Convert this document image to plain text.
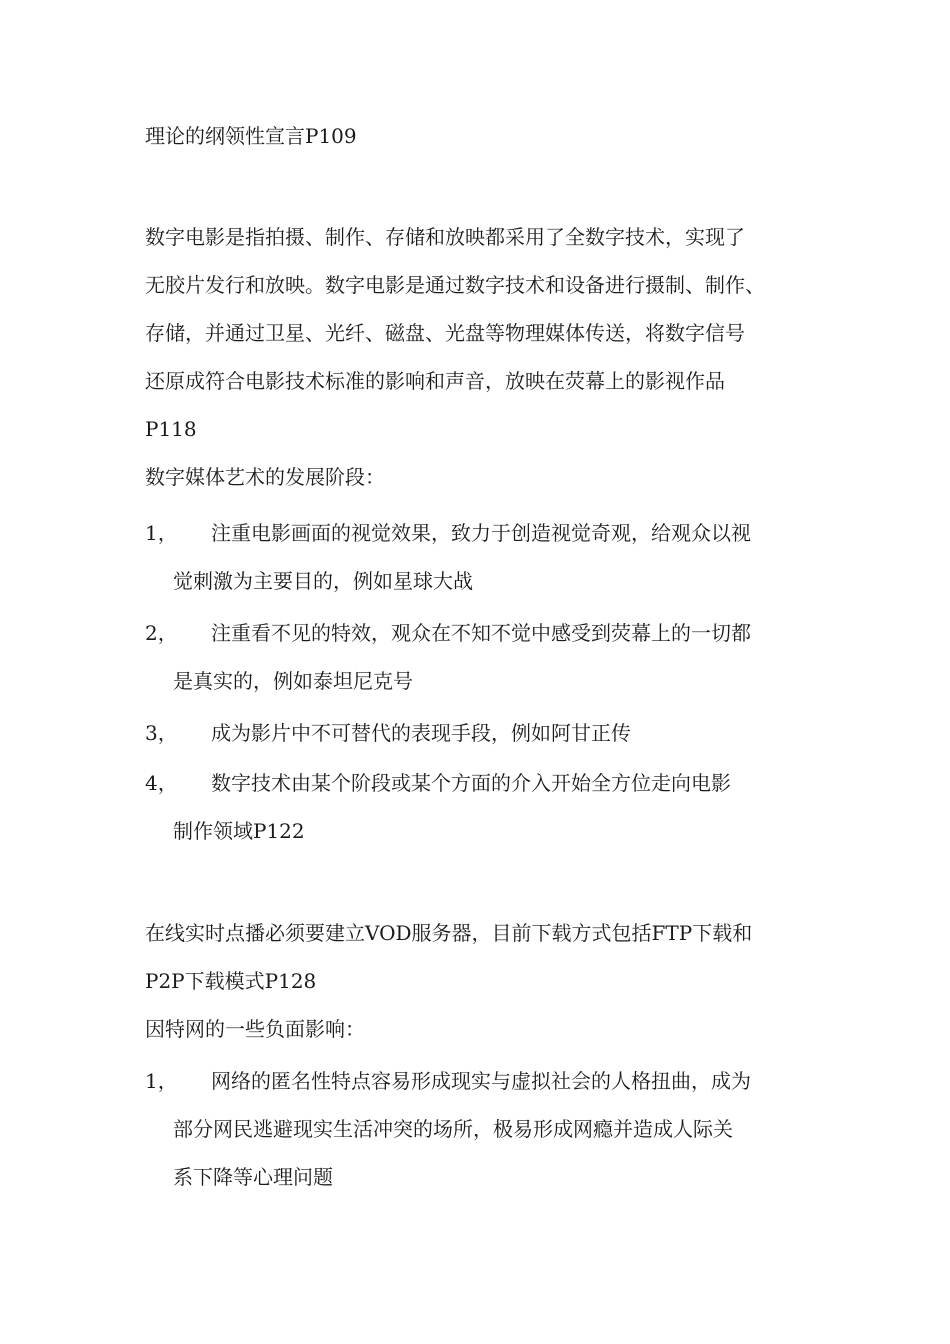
理论的纲领性宣言P109
数字电影是指拍摄、制作、存储和放映都采用了全数字技术，实现了
无胶片发行和放映。数字电影是通过数字技术和设备进行摄制、制作、
存储，并通过卫星、光纤、磁盘、光盘等物理媒体传送，将数字信号
还原成符合电影技术标准的影响和声音，放映在荧幕上的影视作品
P118
数字媒体艺术的发展阶段：
1， 注重电影画面的视觉效果，致力于创造视觉奇观，给观众以视
觉刺激为主要目的，例如星球大战
2， 注重看不见的特效，观众在不知不觉中感受到荧幕上的一切都
是真实的，例如泰坦尼克号
3， 成为影片中不可替代的表现手段，例如阿甘正传
4， 数字技术由某个阶段或某个方面的介入开始全方位走向电影
制作领域P122
在线实时点播必须要建立VOD服务器，目前下载方式包括FTP下载和
P2P下载模式P128
因特网的一些负面影响：
1， 网络的匿名性特点容易形成现实与虚拟社会的人格扭曲，成为
部分网民逃避现实生活冲突的场所，极易形成网瘾并造成人际关
系下降等心理问题
